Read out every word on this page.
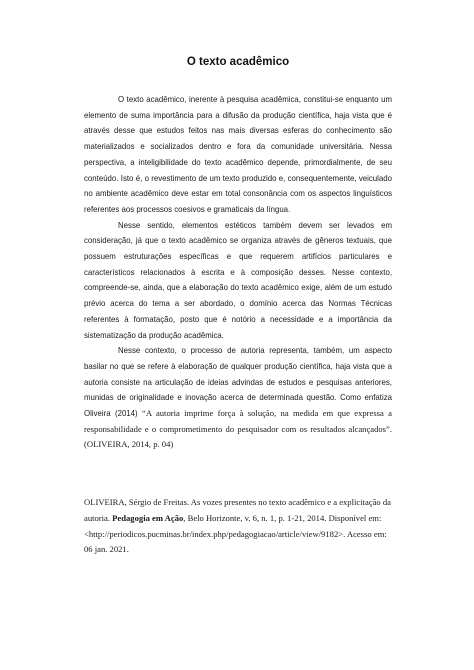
O texto acadêmico

O texto acadêmico, inerente à pesquisa acadêmica, constitui-se enquanto um elemento de suma importância para a difusão da produção científica, haja vista que é através desse que estudos feitos nas mais diversas esferas do conhecimento são materializados e socializados dentro e fora da comunidade universitária. Nessa perspectiva, a inteligibilidade do texto acadêmico depende, primordialmente, de seu conteúdo. Isto é, o revestimento de um texto produzido e, consequentemente, veiculado no ambiente acadêmico deve estar em total consonância com os aspectos linguísticos referentes aos processos coesivos e gramaticais da língua.

Nesse sentido, elementos estéticos também devem ser levados em consideração, já que o texto acadêmico se organiza através de gêneros textuais, que possuem estruturações específicas e que requerem artifícios particulares e característicos relacionados à escrita e à composição desses. Nesse contexto, compreende-se, ainda, que a elaboração do texto acadêmico exige, além de um estudo prévio acerca do tema a ser abordado, o domínio acerca das Normas Técnicas referentes à formatação, posto que é notório a necessidade e a importância da sistematização da produção acadêmica.

Nesse contexto, o processo de autoria representa, também, um aspecto basilar no que se refere à elaboração de qualquer produção científica, haja vista que a autoria consiste na articulação de ideias advindas de estudos e pesquisas anteriores, munidas de originalidade e inovação acerca de determinada questão. Como enfatiza Oliveira (2014) “A autoria imprime força à solução, na medida em que expressa a responsabilidade e o comprometimento do pesquisador com os resultados alcançados”. (OLIVEIRA, 2014, p. 04)

OLIVEIRA, Sérgio de Freitas. As vozes presentes no texto acadêmico e a explicitação da autoria. Pedagogia em Ação, Belo Horizonte, v. 6, n. 1, p. 1-21, 2014. Disponível em:<http://periodicos.pucminas.br/index.php/pedagogiacao/article/view/9182>. Acesso em: 06 jan. 2021.
